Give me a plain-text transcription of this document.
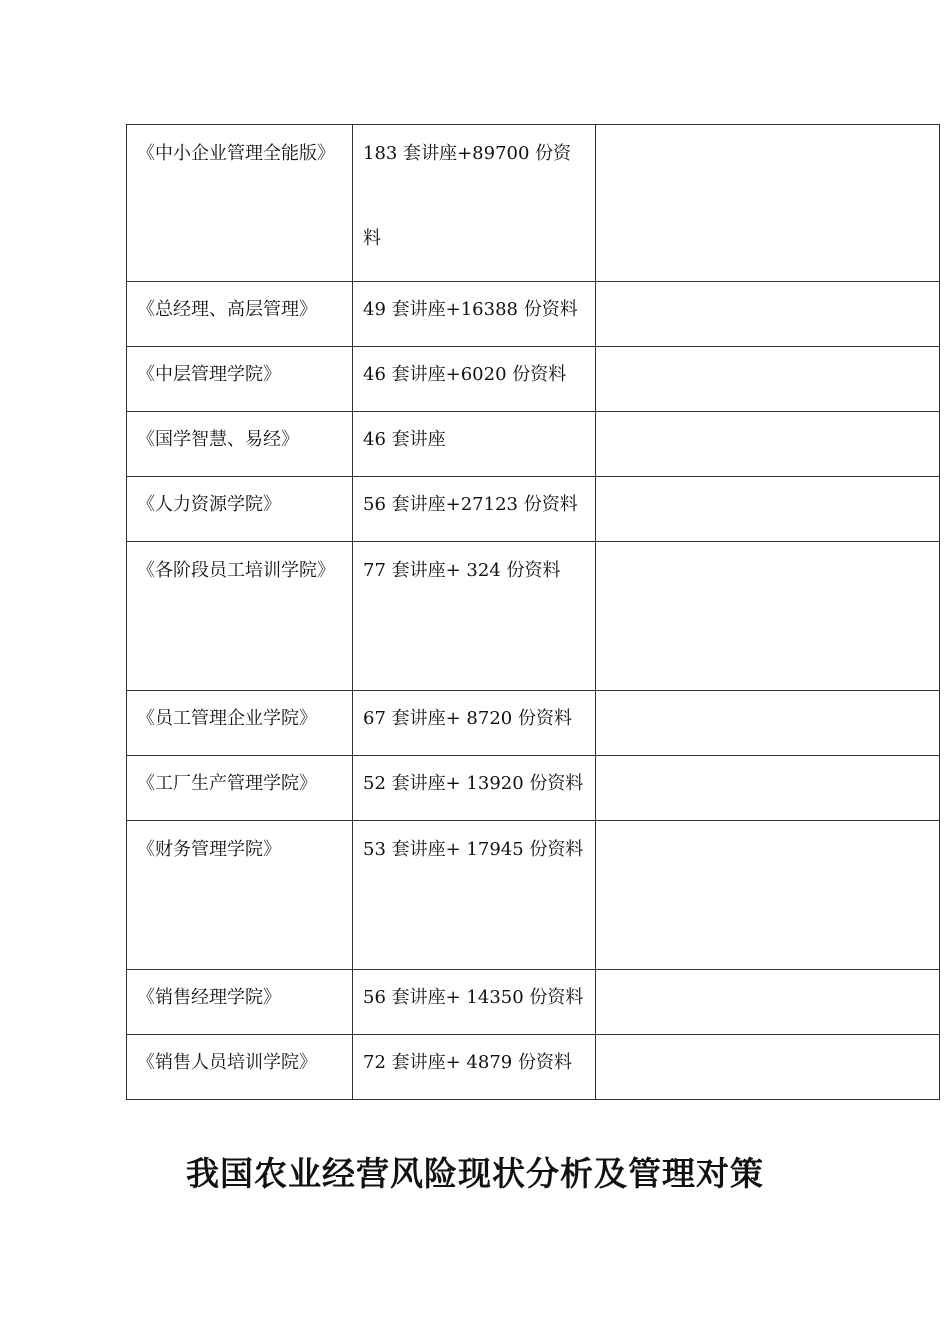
《中小企业管理全能版》	183 套讲座+89700 份资料	

《总经理、高层管理》	49 套讲座+16388 份资料	

《中层管理学院》	46 套讲座+6020 份资料	

《国学智慧、易经》	46 套讲座	

《人力资源学院》	56 套讲座+27123 份资料	

《各阶段员工培训学院》	77 套讲座+ 324 份资料	

《员工管理企业学院》	67 套讲座+ 8720 份资料	

《工厂生产管理学院》	52 套讲座+ 13920 份资料	

《财务管理学院》	53 套讲座+ 17945 份资料	

《销售经理学院》	56 套讲座+ 14350 份资料	

《销售人员培训学院》	72 套讲座+ 4879 份资料	

我国农业经营风险现状分析及管理对策
